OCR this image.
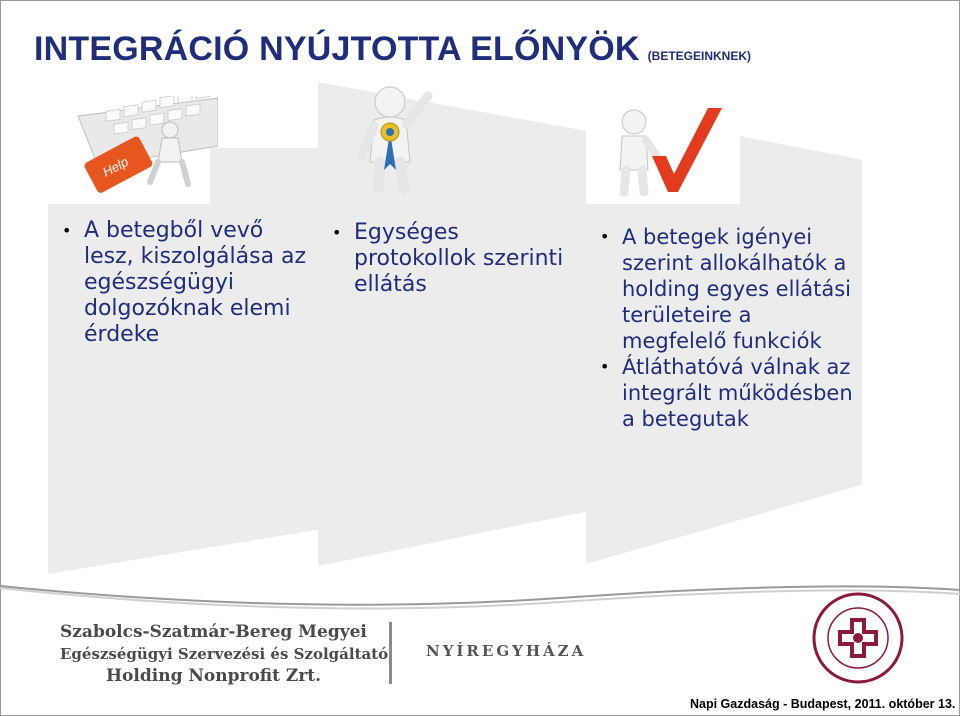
INTEGRÁCIÓ NYÚJTOTTA ELŐNYÖK (BETEGEINKNEK)
Help
• A betegből vevő lesz, kiszolgálása az egészségügyi dolgozóknak elemi érdeke
• Egységes protokollok szerinti ellátás
• A betegek igényei szerint allokálhatók a holding egyes ellátási területeire a megfelelő funkciók
• Átláthatóvá válnak az integrált működésben a betegutak
Szabolcs-Szatmár-Bereg Megyei
Egészségügyi Szervezési és Szolgáltató
Holding Nonprofit Zrt.
NYÍREGYHÁZA
Napi Gazdaság - Budapest, 2011. október 13.
